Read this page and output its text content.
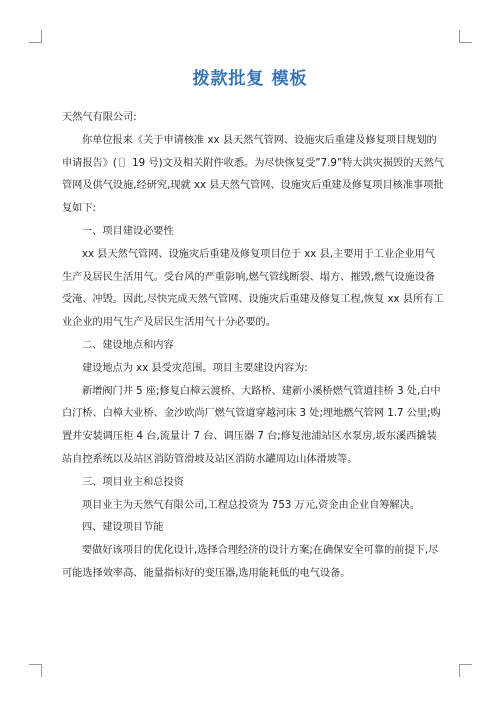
拨款批复 模板

天然气有限公司:

你单位报来《关于申请核准 xx 县天然气管网、设施灾后重建及修复项目规划的申请报告》(〔〕19 号)文及相关附件收悉。为尽快恢复受”7.9”特大洪灾损毁的天然气管网及供气设施,经研究,现就 xx 县天然气管网、设施灾后重建及修复项目核准事项批复如下:

一、项目建设必要性

xx 县天然气管网、设施灾后重建及修复项目位于 xx 县,主要用于工业企业用气生产及居民生活用气。受台风的严重影响,燃气管线断裂、塌方、摧毁,燃气设施设备受淹、冲毁。因此,尽快完成天然气管网、设施灾后重建及修复工程,恢复 xx 县所有工业企业的用气生产及居民生活用气十分必要的。

二、建设地点和内容

建设地点为 xx 县受灾范围。项目主要建设内容为:

新增阀门井 5 座;修复白樟云渡桥、大路桥、建新小溪桥燃气管道挂桥 3 处,白中白汀桥、白樟大业桥、金沙欧尚厂燃气管道穿越河床 3 处;埋地燃气管网 1.7 公里;购置并安装调压柜 4 台,流量计 7 台、调压器 7 台;修复池浦站区水泵房,坂东溪西撬装站自控系统以及站区消防管滑坡及站区消防水罐周边山体滑坡等。

三、项目业主和总投资

项目业主为天然气有限公司,工程总投资为 753 万元,资金由企业自筹解决。

四、建设项目节能

要做好该项目的优化设计,选择合理经济的设计方案;在确保安全可靠的前提下,尽可能选择效率高、能量指标好的变压器,选用能耗低的电气设备。
